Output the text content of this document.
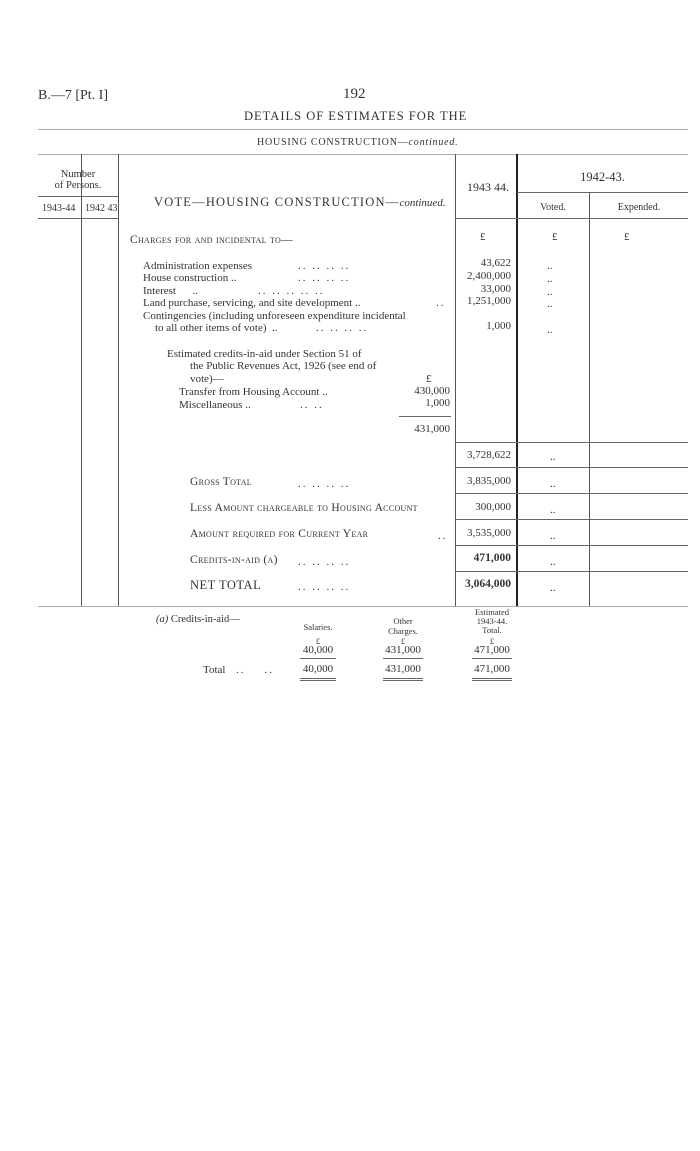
B.—7 [Pt. I]	192
DETAILS OF ESTIMATES FOR THE
HOUSING CONSTRUCTION—continued.
Number
of Persons.
1943-44 1942 43	VOTE—HOUSING CONSTRUCTION—continued.
1943 44.
1942-43.
Voted.	Expended.
Charges for and incidental to—	£	£	£
Administration expenses	.. .. .. ..	43,622	..
House construction ..	.. .. .. ..	2,400,000	..
Interest      ..	.. .. .. .. ..	33,000	..
Land purchase, servicing, and site development ..	..	1,251,000	..
Contingencies (including unforeseen expenditure incidental
to all other items of vote)  ..	.. .. .. ..	1,000	..
Estimated credits-in-aid under Section 51 of
the Public Revenues Act, 1926 (see end of
vote)—	£
Transfer from Housing Account ..	430,000
Miscellaneous ..	.. ..	1,000
431,000
3,728,622	..
Gross Total	.. .. .. ..	3,835,000	..
Less Amount chargeable to Housing Account	300,000	..
Amount required for Current Year	..	3,535,000	..
Credits-in-aid (a) .. .. .. ..	471,000	..
NET TOTAL	.. .. .. ..	3,064,000	..
(a) Credits-in-aid—
Salaries.
Other
Charges.
Estimated
1943-44.
Total.
£	£	£
40,000	431,000	471,000
Total ..    ..	40,000	431,000	471,000
